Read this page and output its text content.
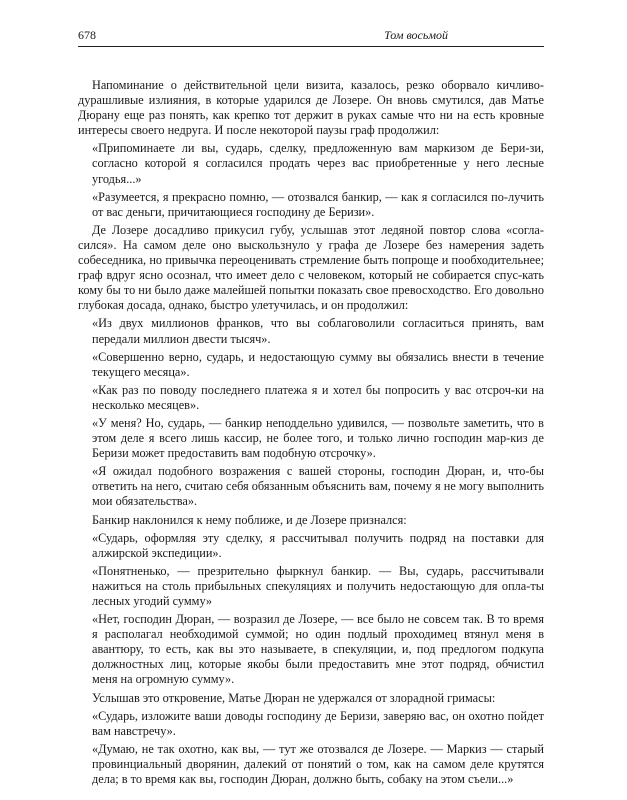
678	Том восьмой

Напоминание о действительной цели визита, казалось, резко оборвало кичливо-дурашливые излияния, в которые ударился де Лозере. Он вновь смутился, дав Матье Дюрану еще раз понять, как крепко тот держит в руках самые что ни на есть кровные интересы своего недруга. И после некоторой паузы граф продолжил:

«Припоминаете ли вы, сударь, сделку, предложенную вам маркизом де Бери-зи, согласно которой я согласился продать через вас приобретенные у него лесные угодья...»

«Разумеется, я прекрасно помню, — отозвался банкир, — как я согласился по-лучить от вас деньги, причитающиеся господину де Беризи».

Де Лозере досадливо прикусил губу, услышав этот ледяной повтор слова «согла-сился». На самом деле оно выскользнуло у графа де Лозере без намерения задеть собеседника, но привычка переоценивать стремление быть попроще и пообходительнее; граф вдруг ясно осознал, что имеет дело с человеком, который не собирается спус-кать кому бы то ни было даже малейшей попытки показать свое превосходство. Его довольно глубокая досада, однако, быстро улетучилась, и он продолжил:

«Из двух миллионов франков, что вы соблаговолили согласиться принять, вам передали миллион двести тысяч».

«Совершенно верно, сударь, и недостающую сумму вы обязались внести в течение текущего месяца».

«Как раз по поводу последнего платежа я и хотел бы попросить у вас отсроч-ки на несколько месяцев».

«У меня? Но, сударь, — банкир неподдельно удивился, — позвольте заметить, что в этом деле я всего лишь кассир, не более того, и только лично господин мар-киз де Беризи может предоставить вам подобную отсрочку».

«Я ожидал подобного возражения с вашей стороны, господин Дюран, и, что-бы ответить на него, считаю себя обязанным объяснить вам, почему я не могу выполнить мои обязательства».

Банкир наклонился к нему поближе, и де Лозере признался:

«Сударь, оформляя эту сделку, я рассчитывал получить подряд на поставки для алжирской экспедиции».

«Понятненько, — презрительно фыркнул банкир. — Вы, сударь, рассчитывали нажиться на столь прибыльных спекуляциях и получить недостающую для опла-ты лесных угодий сумму»

«Нет, господин Дюран, — возразил де Лозере, — все было не совсем так. В то время я располагал необходимой суммой; но один подлый проходимец втянул меня в авантюру, то есть, как вы это называете, в спекуляции, и, под предлогом подкупа должностных лиц, которые якобы были предоставить мне этот подряд, обчистил меня на огромную сумму».

Услышав это откровение, Матье Дюран не удержался от злорадной гримасы:

«Сударь, изложите ваши доводы господину де Беризи, заверяю вас, он охотно пойдет вам навстречу».

«Думаю, не так охотно, как вы, — тут же отозвался де Лозере. — Маркиз — старый провинциальный дворянин, далекий от понятий о том, как на самом деле крутятся дела; в то время как вы, господин Дюран, должно быть, собаку на этом съели...»
